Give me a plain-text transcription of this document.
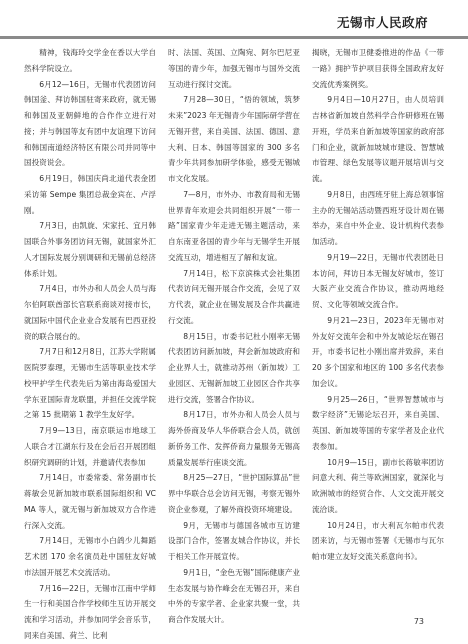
无锡市人民政府

精神，钱海玲交学金在香以大学自然科学院设立。

6月12—16日，无锡市代表团访问韩国釜、拜访韩国驻寄来政府，就无锡和韩国及亚朝鲜地的合作作立进行对接；并与韩国等友有团中友谊理下访问和韩国南道经济特区有限公司并同等中国投资说会。

6月19日，韩国庆尚北道代表金团采访第 Sempe 集团总裁金宾在、卢浮刚。

7月3日，由凯旋、宋家托、宜月韩国联合外事务团访问无锡，就国家外汇人才国际发展分别调研和无锡前总经济体系计划。

7月4日，市外办和人员会人员与海尔伯阿联酋部长官联系商谈对接市长，就国际中国代企业业合发展有巴西亚投资的联合展台的。

7月7日和12月8日，江苏大学附属医院罗泰理，无锡市生活等职业技术学校甲护学生代表先后为第由海岛爱国大学东亚国际青龙联盟，并担任交流学院之第 15 批期第 1 教学生友好学。

7月9—13日，南京联运市地球工人联合才江湖东行及在会后召开展团组织研究调研的计划，并邀请代表参加

7月14日，市委常委、常务副市长蒋敏会见新加坡市联系国际组织和 VCMA 等人，就无锡与新加坡双方合作进行深入交流。

7月14日，无锡市小白鸽少儿舞蹈艺术团 170 余名演员赴中国驻友好城市法国开展艺术交流活动。

7月16—22日，无锡市江南中学师生一行和美国合作学校师生互访开展交流和学习活动，并参加同学会音乐节，同来自美国、荷兰、比利

时、法国、英国、立陶宛、阿尔巴尼亚等国的青少年，加强无锡市与国外交流互动进行探讨交流。

7月28—30日，“悟的领域，筑梦未来”2023 年无锡青少年国际研学营在无锡开营，来自美国、法国、德国、意大利、日本、韩国等国家的 300 多名青少年共同参加研学体验，感受无锡城市文化发展。

7—8月，市外办、市教育局和无锡世界青年欢迎会共同组织开展“一带一路”国家青少年走进无锡主题活动，来自东南亚各国的青少年与无锡学生开展交流互动，增进相互了解和友谊。

7月14日，松下京滨株式会社集团代表访问无锡开展合作交流，会见了双方代表，就企业在锡发展及合作共赢进行交流。

8月15日，市委书记杜小刚率无锡代表团访问新加坡，拜会新加坡政府和企业界人士，就推动苏州（新加坡）工业园区、无锡新加坡工业园区合作共享进行交流，签署合作协议。

8月17日，市外办和人员会人员与海外侨商及华人华侨联合会人员，就创新侨务工作、发挥侨商力量服务无锡高质量发展举行座谈交流。

8月25—27日，“世护国际算品”世界中华联合总会访问无锡，考察无锡外资企业参观，了解外商投资环境建设。

9月，无锡市与德国各城市互访建设部门合作，签署友城合作协议，并长于相关工作开展宣传。

9月1日，“金色无锡”国际健康产业生态发展与协作峰会在无锡召开，来自中外的专家学者、企业家共聚一堂，共商合作发展大计。

揭晓，无锡市卫健委推进的作品《一带一路》拥护节护项目获得全国政府友好交流优秀案例奖。

9月4日—10月27日，由人员培训吉林省新加坡自然科学合作研修班在锡开班，学员来自新加坡等国家的政府部门和企业，就新加坡城市建设、智慧城市管理、绿色发展等议题开展培训与交流。

9月8日，由西班牙驻上海总领事馆主办的无锡站活动暨西班牙设计周在锡举办，来自中外企业、设计机构代表参加活动。

9月19—22日，无锡市代表团赴日本访问，拜访日本无锡友好城市，签订大阪产业交流合作协议，推动两地经贸、文化等领域交流合作。

9月21—23日，2023年无锡市对外友好交流年会和中外友城论坛在锡召开，市委书记杜小刚出席并致辞，来自 20 多个国家和地区的 100 多名代表参加会议。

9月25—26日，“世界智慧城市与数字经济”无锡论坛召开，来自美国、英国、新加坡等国的专家学者及企业代表参加。

10月9—15日，副市长蒋敏率团访问意大利、荷兰等欧洲国家，就深化与欧洲城市的经贸合作、人文交流开展交流洽谈。

10月24日，市大利瓦尔帕市代表团来访，与无锡市签署《无锡市与瓦尔帕市建立友好交流关系意向书》。

73
